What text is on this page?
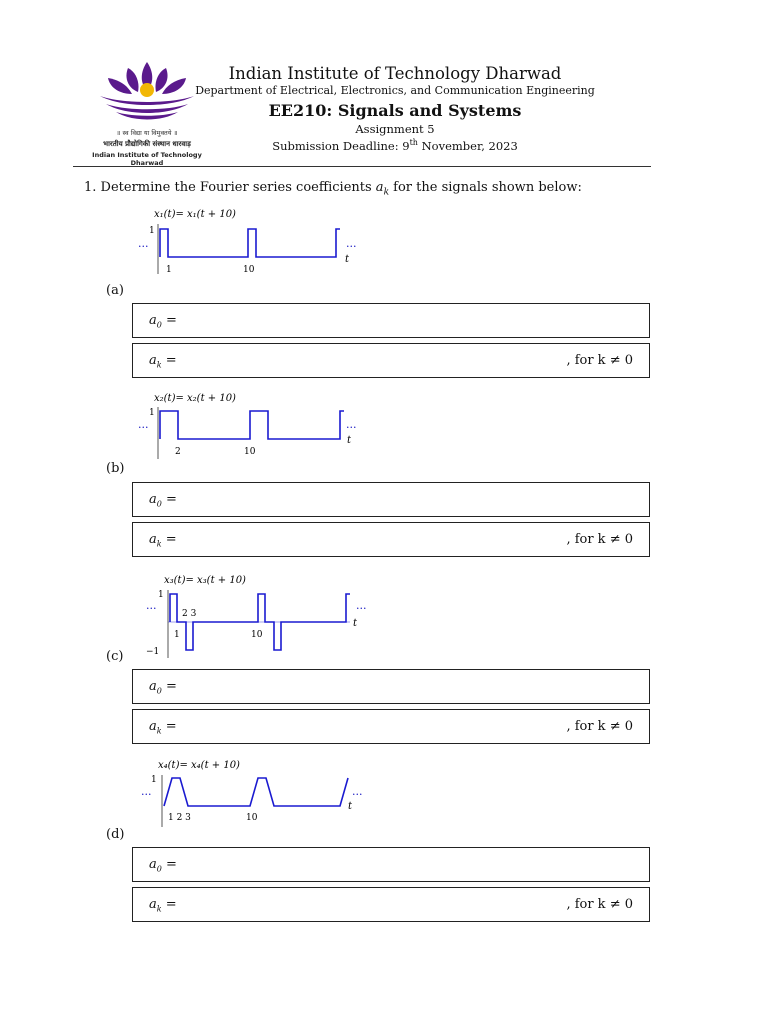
॥ स्व विद्या या विमुक्तये ॥
भारतीय प्रौद्योगिकी संस्थान धारवाड़
Indian Institute of Technology Dharwad
Indian Institute of Technology Dharwad
Department of Electrical, Electronics, and Communication Engineering
EE210: Signals and Systems
Assignment 5
Submission Deadline: 9th November, 2023
1. Determine the Fourier series coefficients $a_k$ for the signals shown below:
x₁(t)= x₁(t + 10)
1
...	...
1	10
t
(a)
$a_0$ =
$a_k$ =	, for k ≠ 0
x₂(t)= x₂(t + 10)
1
...	...
2	10
t
(b)
$a_0$ =
$a_k$ =	, for k ≠ 0
x₃(t)= x₃(t + 10)
1
−1
...	...
2 3
1	10
t
(c)
$a_0$ =
$a_k$ =	, for k ≠ 0
x₄(t)= x₄(t + 10)
1
...	...
1 2 3	10
t
(d)
$a_0$ =
$a_k$ =	, for k ≠ 0
